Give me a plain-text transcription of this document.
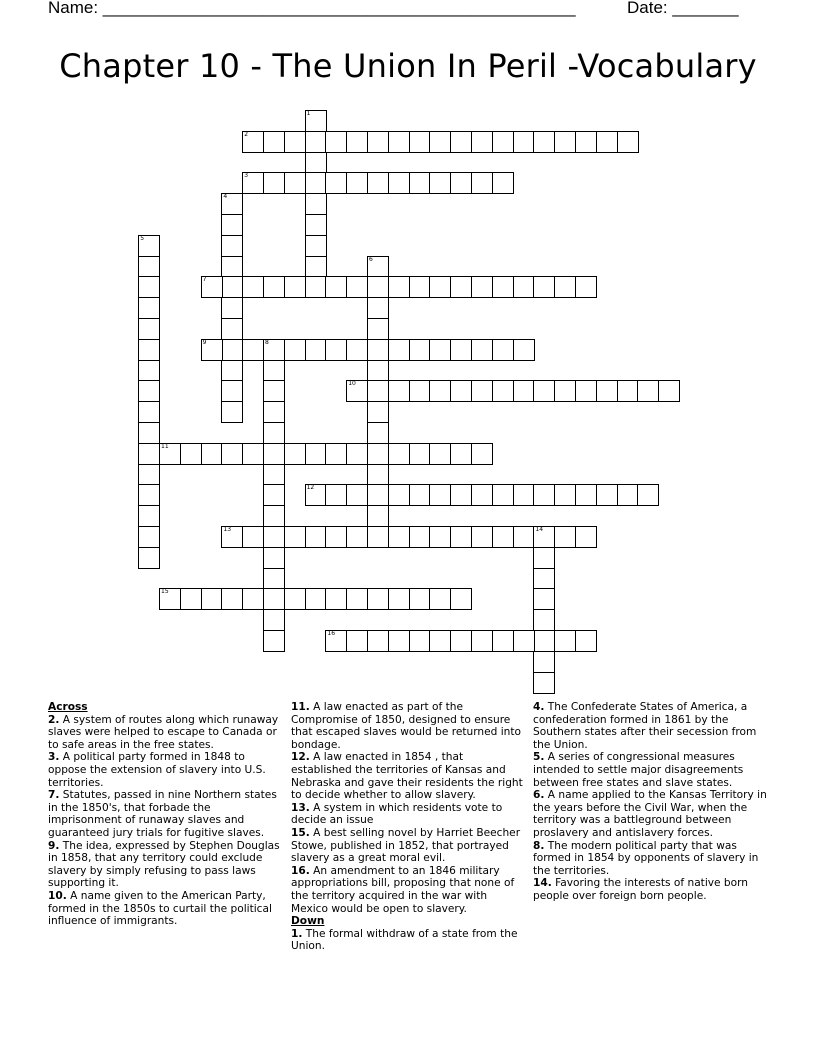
Name: __________________________________________________	Date: _______
Chapter 10 - The Union In Peril -Vocabulary
1
2
3
4
5
6
7
8
9
10
11
12
13	14
15
16
Across
2. A system of routes along which runaway slaves were helped to escape to Canada or to safe areas in the free states.
3. A political party formed in 1848 to oppose the extension of slavery into U.S. territories.
7. Statutes, passed in nine Northern states in the 1850's, that forbade the imprisonment of runaway slaves and guaranteed jury trials for fugitive slaves.
9. The idea, expressed by Stephen Douglas in 1858, that any territory could exclude slavery by simply refusing to pass laws supporting it.
10. A name given to the American Party, formed in the 1850s to curtail the political influence of immigrants.
11. A law enacted as part of the Compromise of 1850, designed to ensure that escaped slaves would be returned into bondage.
12. A law enacted in 1854 , that established the territories of Kansas and Nebraska and gave their residents the right to decide whether to allow slavery.
13. A system in which residents vote to decide an issue
15. A best selling novel by Harriet Beecher Stowe, published in 1852, that portrayed slavery as a great moral evil.
16. An amendment to an 1846 military appropriations bill, proposing that none of the territory acquired in the war with Mexico would be open to slavery.
Down
1. The formal withdraw of a state from the Union.
4. The Confederate States of America, a confederation formed in 1861 by the Southern states after their secession from the Union.
5. A series of congressional measures intended to settle major disagreements between free states and slave states.
6. A name applied to the Kansas Territory in the years before the Civil War, when the territory was a battleground between proslavery and antislavery forces.
8. The modern political party that was formed in 1854 by opponents of slavery in the territories.
14. Favoring the interests of native born people over foreign born people.
